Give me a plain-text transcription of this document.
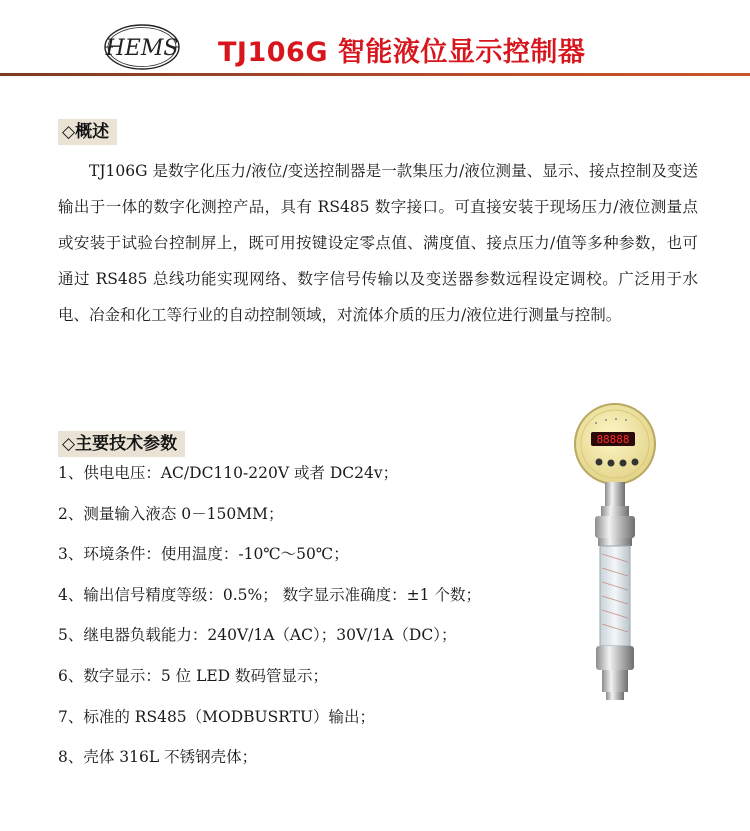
HEMS TJ106G 智能液位显示控制器
◇概述
TJ106G 是数字化压力/液位/变送控制器是一款集压力/液位测量、显示、接点控制及变送输出于一体的数字化测控产品，具有 RS485 数字接口。可直接安装于现场压力/液位测量点或安装于试验台控制屏上，既可用按键设定零点值、满度值、接点压力/值等多种参数，也可通过 RS485 总线功能实现网络、数字信号传输以及变送器参数远程设定调校。广泛用于水电、冶金和化工等行业的自动控制领域，对流体介质的压力/液位进行测量与控制。
◇主要技术参数
1、供电电压：AC/DC110-220V 或者 DC24v；
2、测量输入液态 0－150MM；
3、环境条件：使用温度：-10℃～50℃；
4、输出信号精度等级：0.5%； 数字显示准确度：±1 个数；
5、继电器负载能力：240V/1A（AC）；30V/1A（DC）；
6、数字显示：5 位 LED 数码管显示；
7、标准的 RS485（MODBUSRTU）输出；
8、壳体 316L 不锈钢壳体；
88888
